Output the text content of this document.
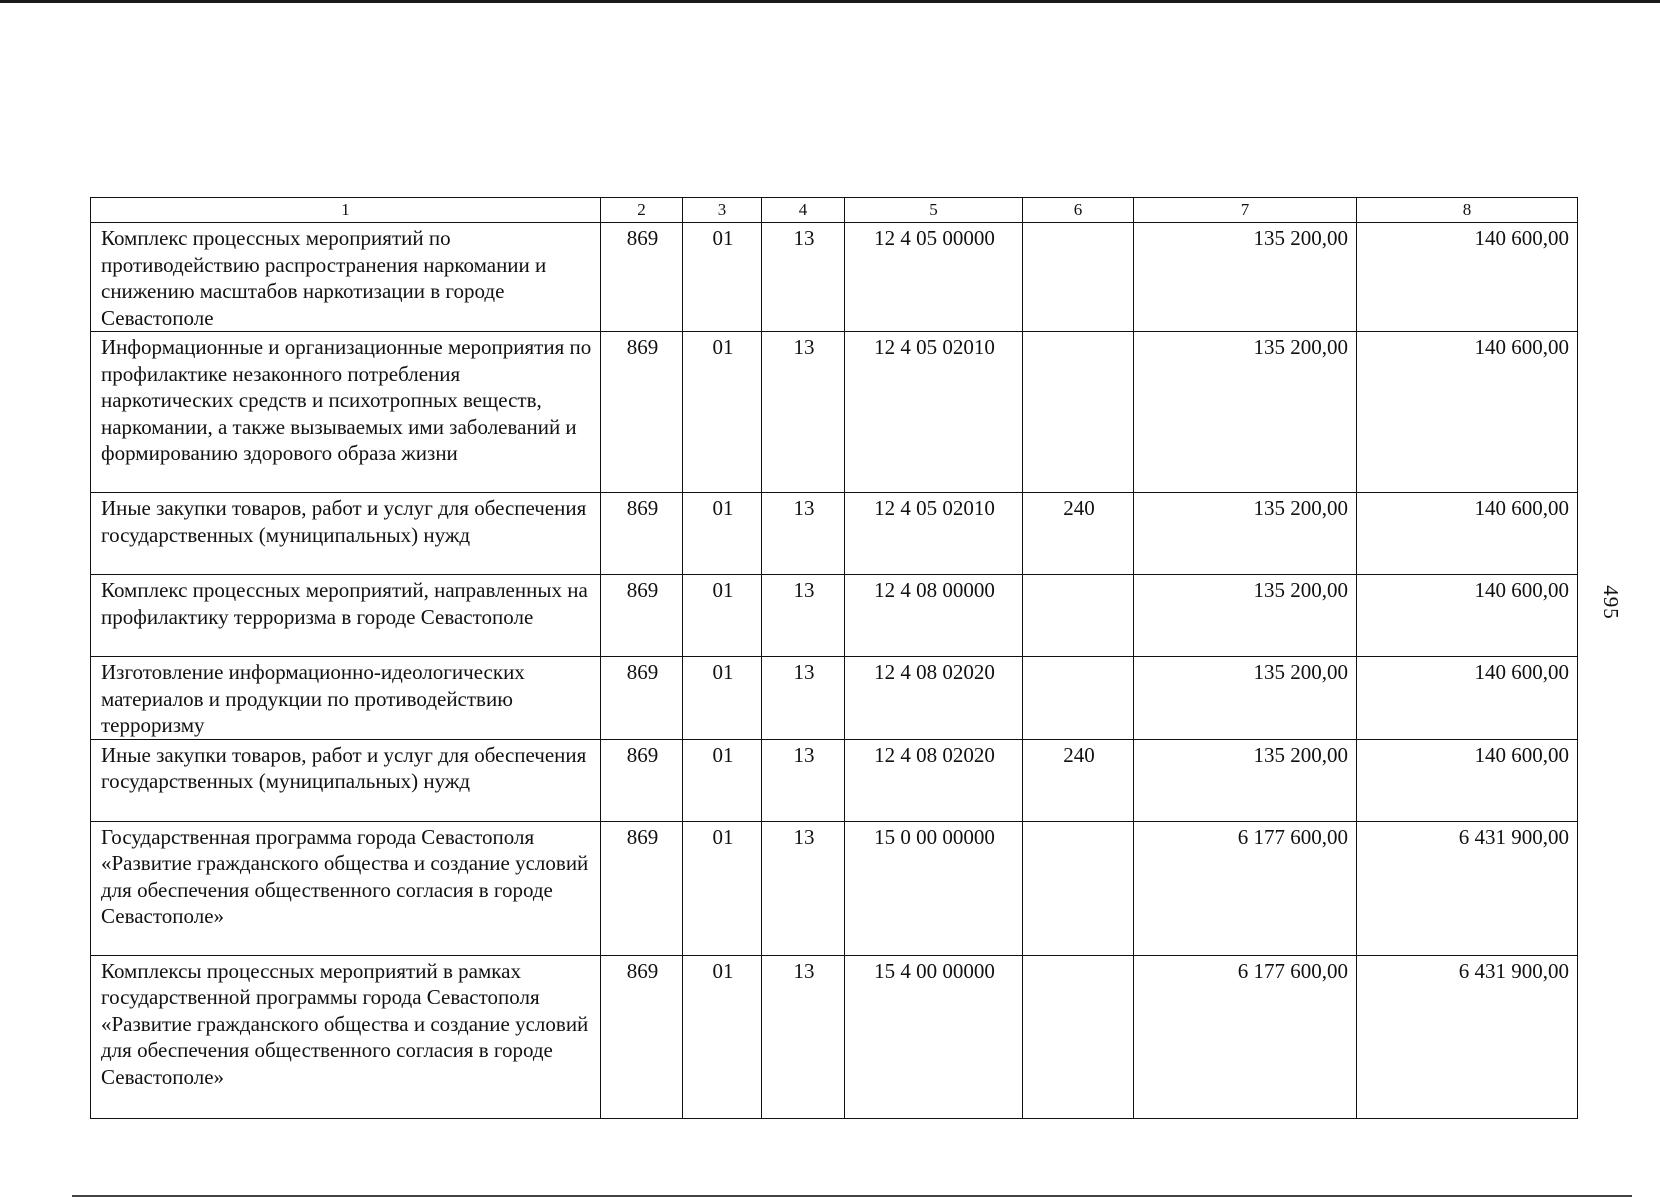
1	2	3	4	5	6	7	8
Комплекс процессных мероприятий по противодействию распространения наркомании и снижению масштабов наркотизации в городе Севастополе	869	01	13	12 4 05 00000		135 200,00	140 600,00
Информационные и организационные мероприятия по профилактике незаконного потребления наркотических средств и психотропных веществ, наркомании, а также вызываемых ими заболеваний и формированию здорового образа жизни	869	01	13	12 4 05 02010		135 200,00	140 600,00
Иные закупки товаров, работ и услуг для обеспечения государственных (муниципальных) нужд	869	01	13	12 4 05 02010	240	135 200,00	140 600,00
Комплекс процессных мероприятий, направленных на профилактику терроризма в городе Севастополе	869	01	13	12 4 08 00000		135 200,00	140 600,00
Изготовление информационно-идеологических материалов и продукции по противодействию терроризму	869	01	13	12 4 08 02020		135 200,00	140 600,00
Иные закупки товаров, работ и услуг для обеспечения государственных (муниципальных) нужд	869	01	13	12 4 08 02020	240	135 200,00	140 600,00
Государственная программа города Севастополя «Развитие гражданского общества и создание условий для обеспечения общественного согласия в городе Севастополе»	869	01	13	15 0 00 00000		6 177 600,00	6 431 900,00
Комплексы процессных мероприятий в рамках государственной программы города Севастополя «Развитие гражданского общества и создание условий для обеспечения общественного согласия в городе Севастополе»	869	01	13	15 4 00 00000		6 177 600,00	6 431 900,00
495
